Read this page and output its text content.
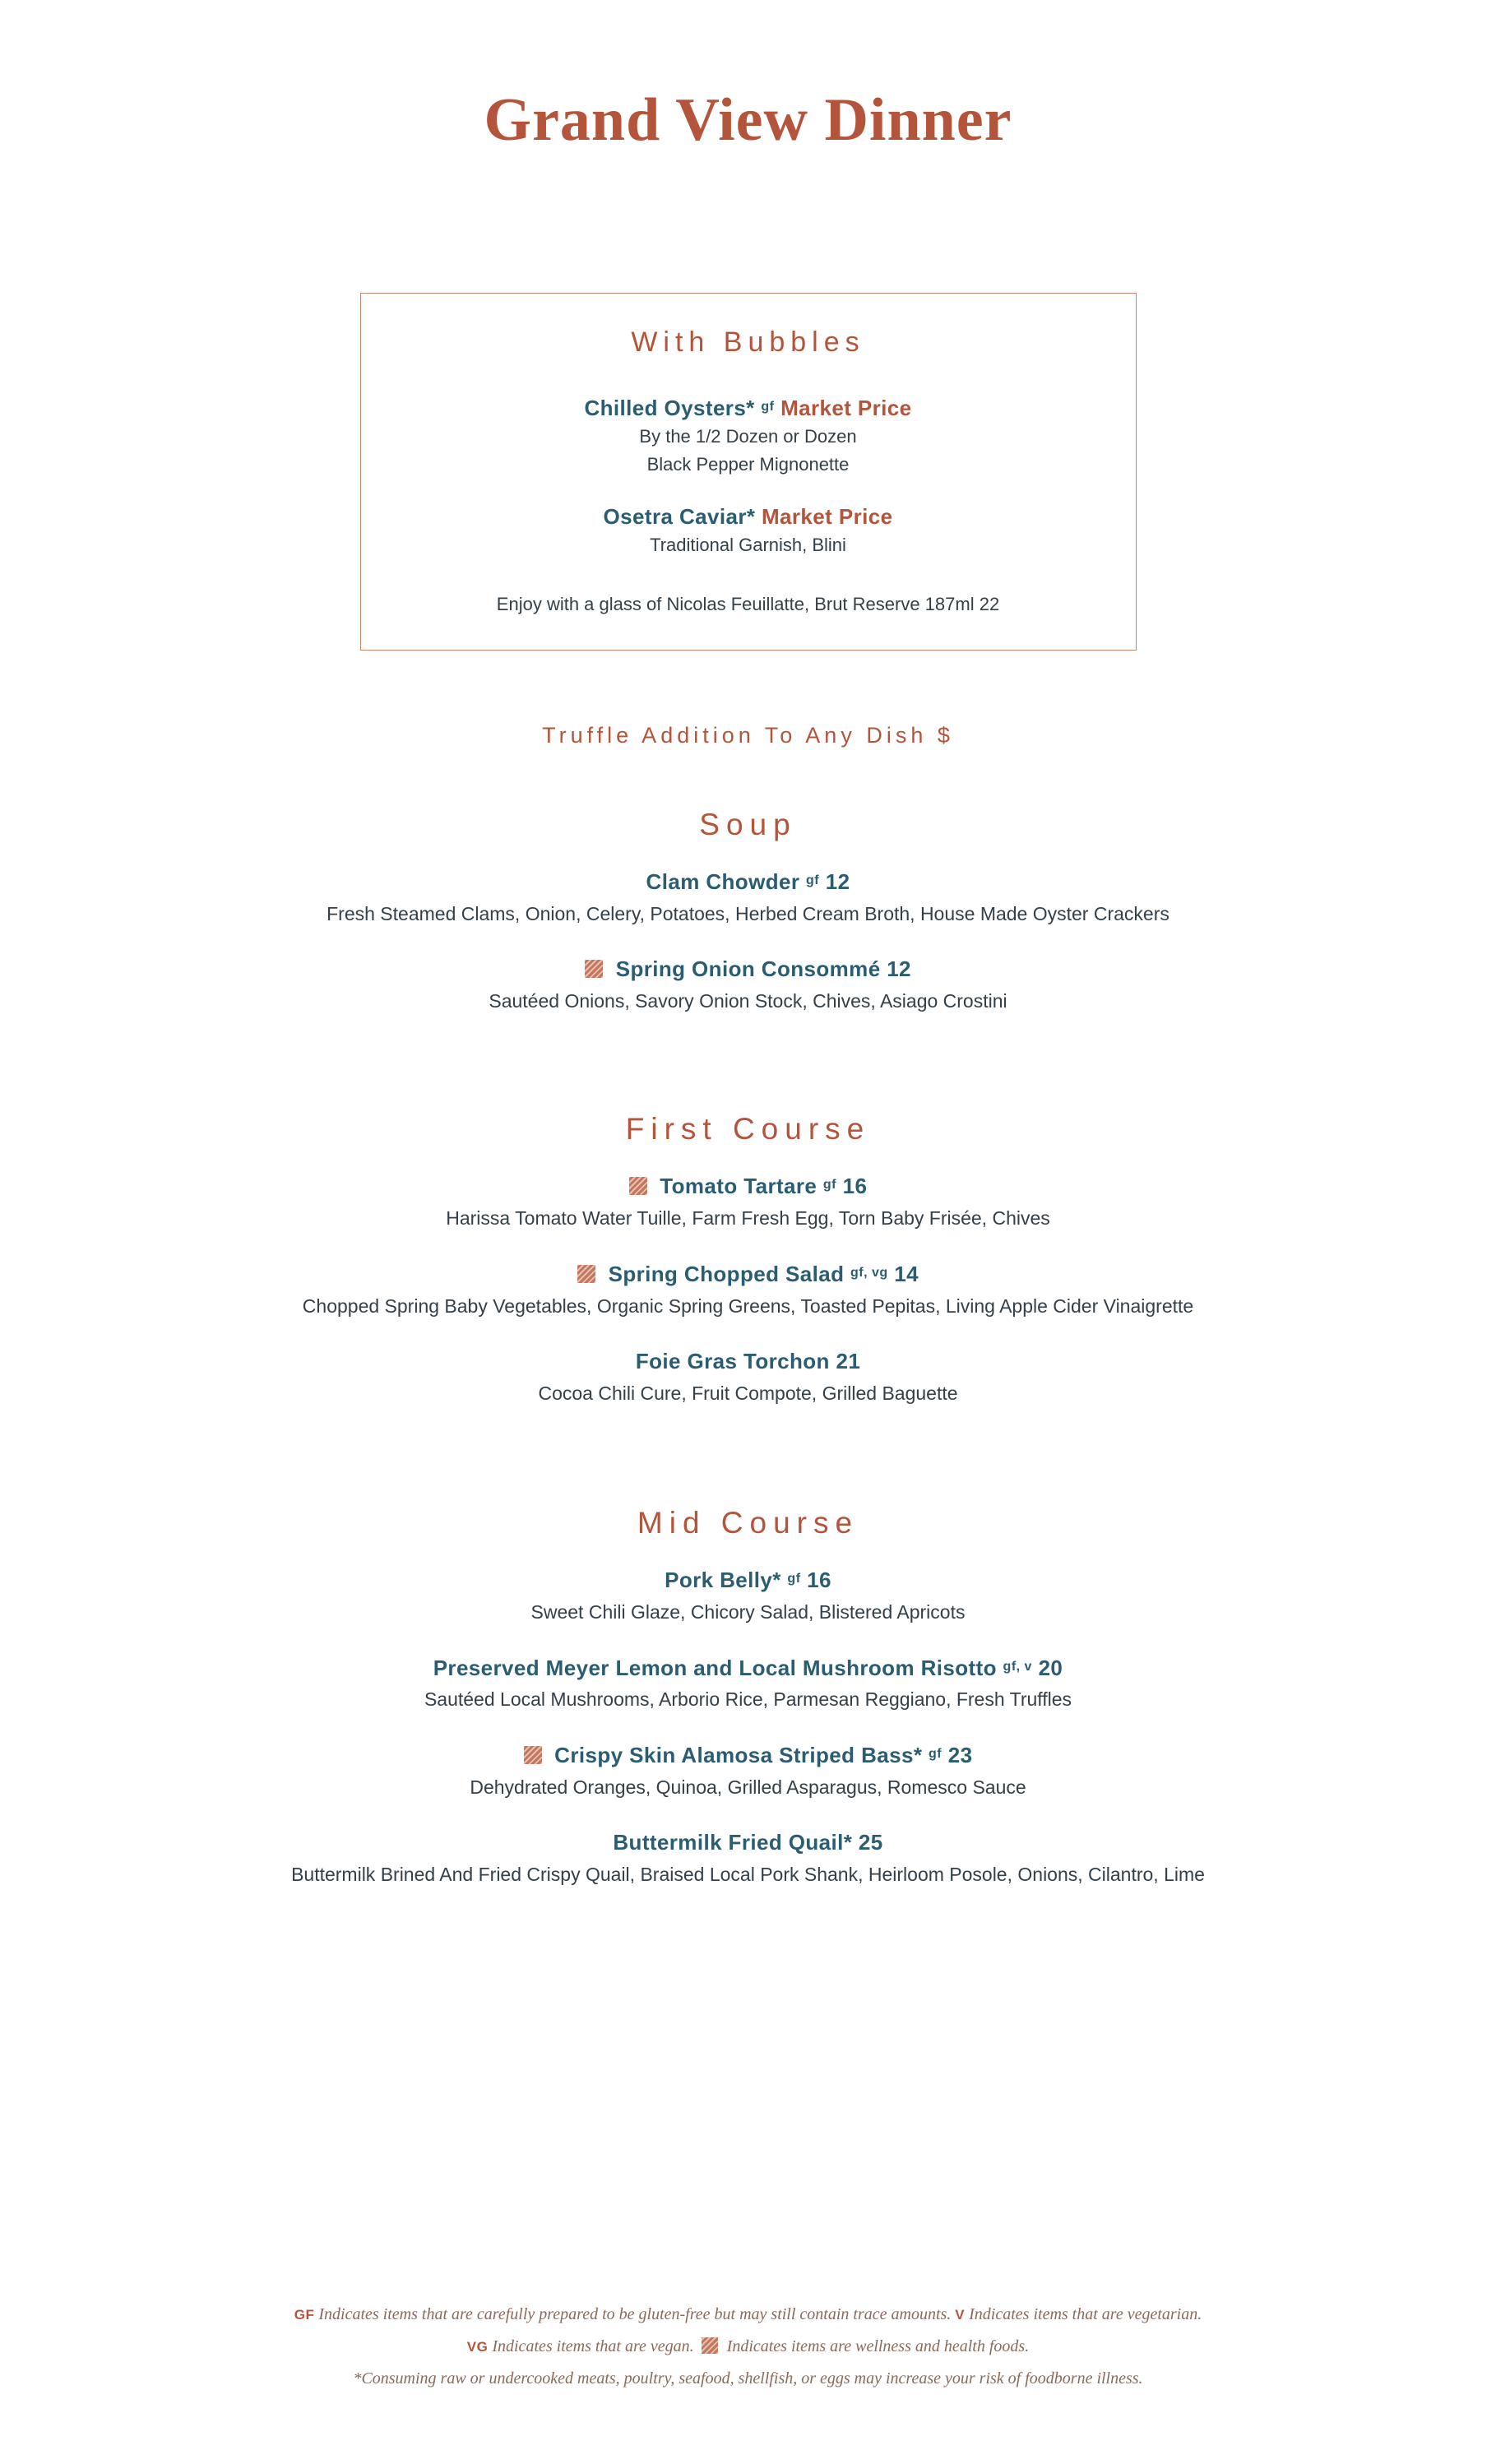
Grand View Dinner
With Bubbles
Chilled Oysters* $^{gf}$ Market Price
By the 1/2 Dozen or Dozen
Black Pepper Mignonette
Osetra Caviar* Market Price
Traditional Garnish, Blini
Enjoy with a glass of Nicolas Feuillatte, Brut Reserve 187ml 22
Truffle Addition To Any Dish $
Soup
Clam Chowder $^{gf}$ 12
Fresh Steamed Clams, Onion, Celery, Potatoes, Herbed Cream Broth, House Made Oyster Crackers
Spring Onion Consommé 12
Sautéed Onions, Savory Onion Stock, Chives, Asiago Crostini
First Course
Tomato Tartare $^{gf}$ 16
Harissa Tomato Water Tuille, Farm Fresh Egg, Torn Baby Frisée, Chives
Spring Chopped Salad $^{gf, vg}$ 14
Chopped Spring Baby Vegetables, Organic Spring Greens, Toasted Pepitas, Living Apple Cider Vinaigrette
Foie Gras Torchon 21
Cocoa Chili Cure, Fruit Compote, Grilled Baguette
Mid Course
Pork Belly* $^{gf}$ 16
Sweet Chili Glaze, Chicory Salad, Blistered Apricots
Preserved Meyer Lemon and Local Mushroom Risotto $^{gf, v}$ 20
Sautéed Local Mushrooms, Arborio Rice, Parmesan Reggiano, Fresh Truffles
Crispy Skin Alamosa Striped Bass* $^{gf}$ 23
Dehydrated Oranges, Quinoa, Grilled Asparagus, Romesco Sauce
Buttermilk Fried Quail* 25
Buttermilk Brined And Fried Crispy Quail, Braised Local Pork Shank, Heirloom Posole, Onions, Cilantro, Lime
GF Indicates items that are carefully prepared to be gluten-free but may still contain trace amounts. V Indicates items that are vegetarian.
VG Indicates items that are vegan. Indicates items are wellness and health foods.
*Consuming raw or undercooked meats, poultry, seafood, shellfish, or eggs may increase your risk of foodborne illness.
